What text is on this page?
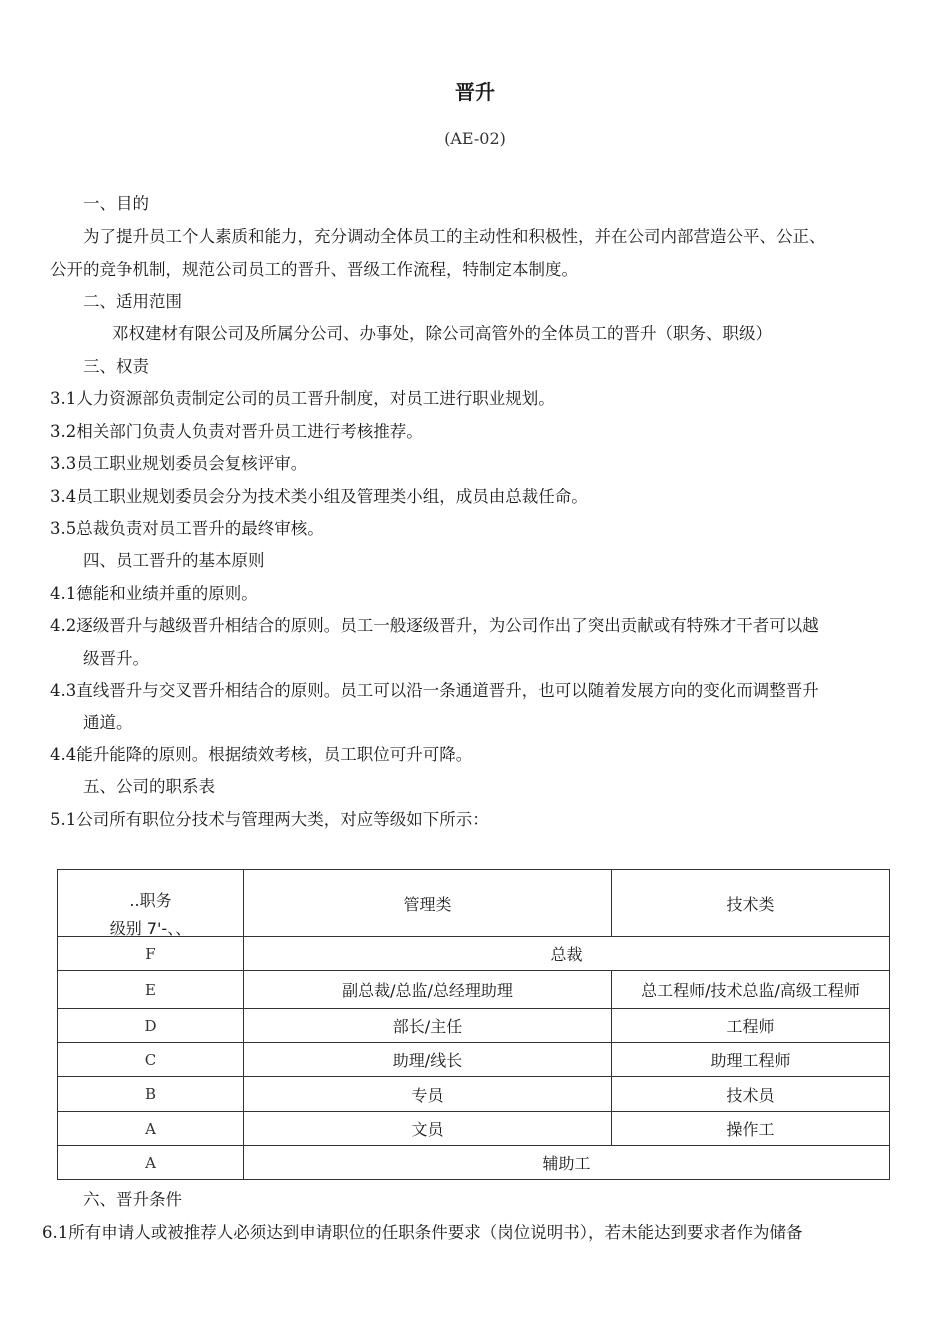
晋升
(AE-02)
一、目的
为了提升员工个人素质和能力，充分调动全体员工的主动性和积极性，并在公司内部营造公平、公正、
公开的竞争机制，规范公司员工的晋升、晋级工作流程，特制定本制度。
二、适用范围
邓权建材有限公司及所属分公司、办事处，除公司高管外的全体员工的晋升（职务、职级）
三、权责
3.1人力资源部负责制定公司的员工晋升制度，对员工进行职业规划。
3.2相关部门负责人负责对晋升员工进行考核推荐。
3.3员工职业规划委员会复核评审。
3.4员工职业规划委员会分为技术类小组及管理类小组，成员由总裁任命。
3.5总裁负责对员工晋升的最终审核。
四、员工晋升的基本原则
4.1德能和业绩并重的原则。
4.2逐级晋升与越级晋升相结合的原则。员工一般逐级晋升，为公司作出了突出贡献或有特殊才干者可以越
级晋升。
4.3直线晋升与交叉晋升相结合的原则。员工可以沿一条通道晋升，也可以随着发展方向的变化而调整晋升
通道。
4.4能升能降的原则。根据绩效考核，员工职位可升可降。
五、公司的职系表
5.1公司所有职位分技术与管理两大类，对应等级如下所示：
..职务
级别 7'-、、	管理类	技术类
F	总裁	
E	副总裁/总监/总经理助理	总工程师/技术总监/高级工程师
D	部长/主任	工程师
C	助理/线长	助理工程师
B	专员	技术员
A	文员	操作工
A	辅助工	
六、晋升条件
6.1所有申请人或被推荐人必须达到申请职位的任职条件要求（岗位说明书），若未能达到要求者作为储备
